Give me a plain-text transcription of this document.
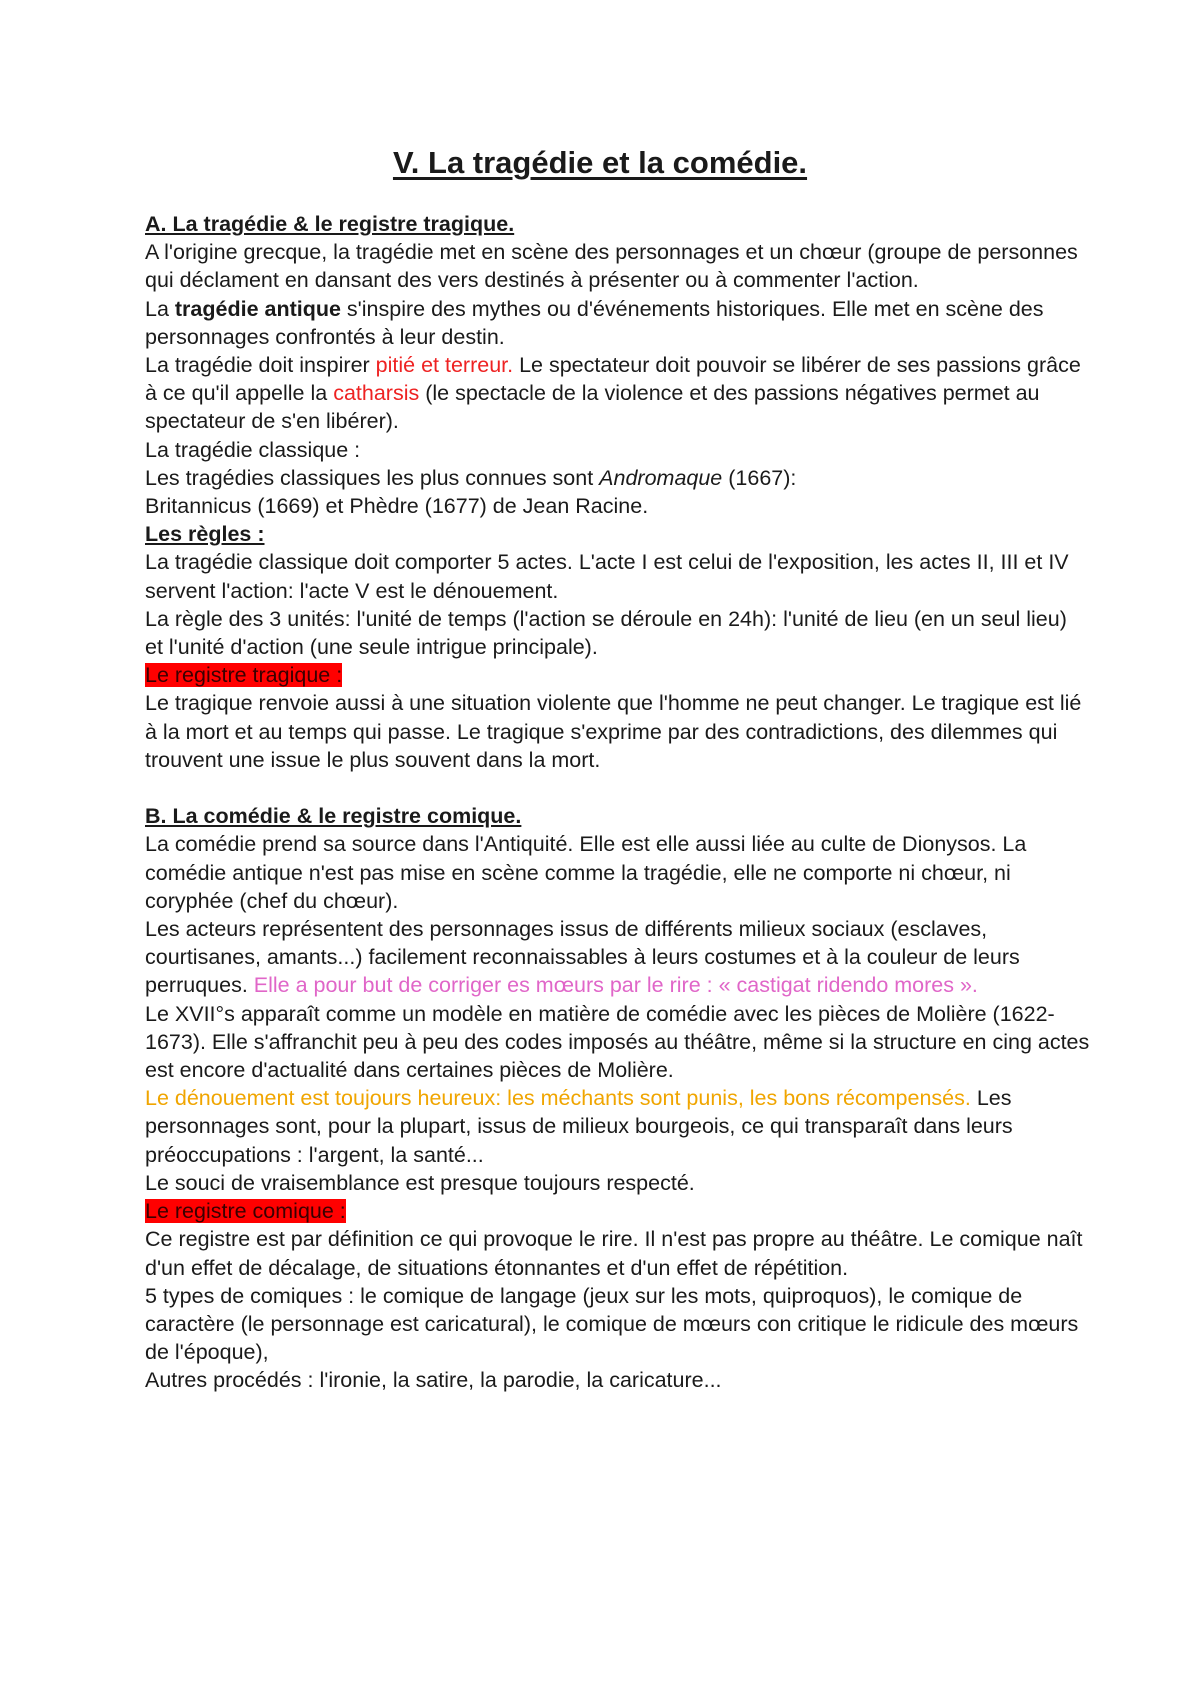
V. La tragédie et la comédie.

A. La tragédie & le registre tragique.

A l'origine grecque, la tragédie met en scène des personnages et un chœur (groupe de personnes qui déclament en dansant des vers destinés à présenter ou à commenter l'action.

La tragédie antique s'inspire des mythes ou d'événements historiques. Elle met en scène des personnages confrontés à leur destin.

La tragédie doit inspirer pitié et terreur. Le spectateur doit pouvoir se libérer de ses passions grâce à ce qu'il appelle la catharsis (le spectacle de la violence et des passions négatives permet au spectateur de s'en libérer).

La tragédie classique :

Les tragédies classiques les plus connues sont Andromaque (1667):

Britannicus (1669) et Phèdre (1677) de Jean Racine.

Les règles :

La tragédie classique doit comporter 5 actes. L'acte I est celui de l'exposition, les actes II, III et IV servent l'action: l'acte V est le dénouement.

La règle des 3 unités: l'unité de temps (l'action se déroule en 24h): l'unité de lieu (en un seul lieu) et l'unité d'action (une seule intrigue principale).

Le registre tragique :

Le tragique renvoie aussi à une situation violente que l'homme ne peut changer. Le tragique est lié à la mort et au temps qui passe. Le tragique s'exprime par des contradictions, des dilemmes qui trouvent une issue le plus souvent dans la mort.

B. La comédie & le registre comique.

La comédie prend sa source dans l'Antiquité. Elle est elle aussi liée au culte de Dionysos. La comédie antique n'est pas mise en scène comme la tragédie, elle ne comporte ni chœur, ni coryphée (chef du chœur).

Les acteurs représentent des personnages issus de différents milieux sociaux (esclaves, courtisanes, amants...) facilement reconnaissables à leurs costumes et à la couleur de leurs perruques. Elle a pour but de corriger es mœurs par le rire : « castigat ridendo mores ».

Le XVII°s apparaît comme un modèle en matière de comédie avec les pièces de Molière (1622-1673). Elle s'affranchit peu à peu des codes imposés au théâtre, même si la structure en cing actes est encore d'actualité dans certaines pièces de Molière.

Le dénouement est toujours heureux: les méchants sont punis, les bons récompensés. Les personnages sont, pour la plupart, issus de milieux bourgeois, ce qui transparaît dans leurs préoccupations : l'argent, la santé...

Le souci de vraisemblance est presque toujours respecté.

Le registre comique :

Ce registre est par définition ce qui provoque le rire. Il n'est pas propre au théâtre. Le comique naît d'un effet de décalage, de situations étonnantes et d'un effet de répétition.

5 types de comiques : le comique de langage (jeux sur les mots, quiproquos), le comique de caractère (le personnage est caricatural), le comique de mœurs con critique le ridicule des mœurs de l'époque),

Autres procédés : l'ironie, la satire, la parodie, la caricature...
